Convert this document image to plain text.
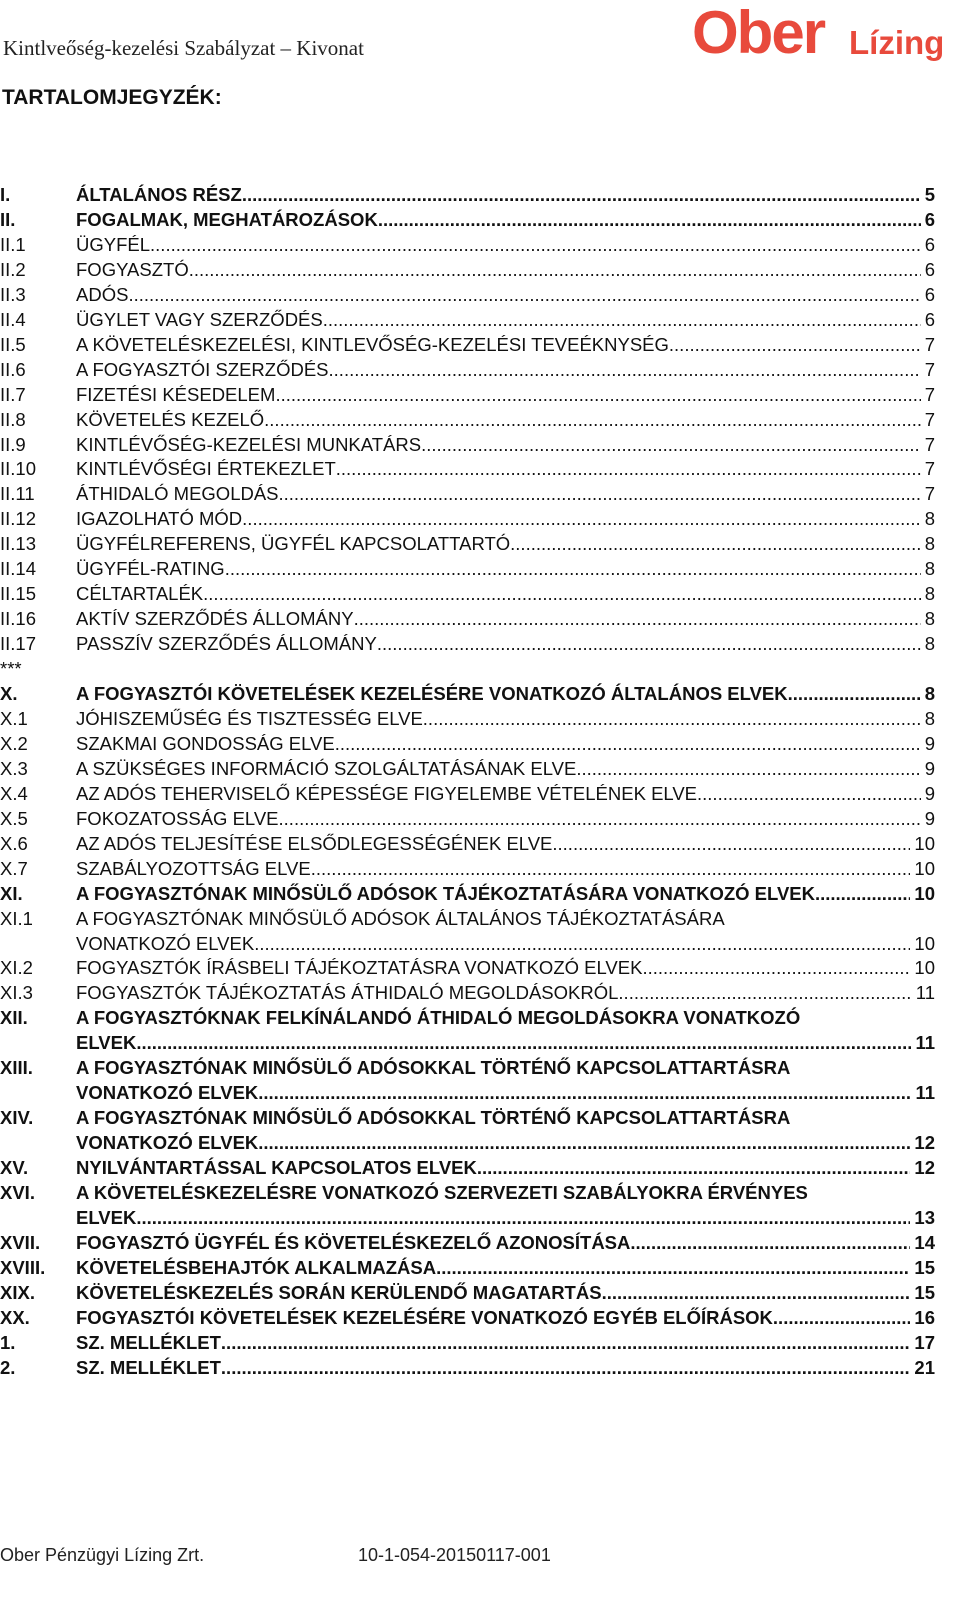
Kintlveőség-kezelési Szabályzat – Kivonat	Ober Lízing
TARTALOMJEGYZÉK:
I.	ÁLTALÁNOS RÉSZ .....	5
II.	FOGALMAK, MEGHATÁROZÁSOK .....	6
II.1	ÜGYFÉL .....	6
II.2	FOGYASZTÓ .....	6
II.3	ADÓS .....	6
II.4	ÜGYLET VAGY SZERZŐDÉS .....	6
II.5	A KÖVETELÉSKEZELÉSI, KINTLEVŐSÉG-KEZELÉSI TEVEÉKNYSÉG .....	7
II.6	A FOGYASZTÓI SZERZŐDÉS .....	7
II.7	FIZETÉSI KÉSEDELEM .....	7
II.8	KÖVETELÉS KEZELŐ .....	7
II.9	KINTLÉVŐSÉG-KEZELÉSI MUNKATÁRS .....	7
II.10 KINTLÉVŐSÉGI ÉRTEKEZLET .....	7
II.11 ÁTHIDALÓ MEGOLDÁS .....	7
II.12 IGAZOLHATÓ MÓD .....	8
II.13 ÜGYFÉLREFERENS, ÜGYFÉL KAPCSOLATTARTÓ .....	8
II.14 ÜGYFÉL-RATING .....	8
II.15 CÉLTARTALÉK .....	8
II.16 AKTÍV SZERZŐDÉS ÁLLOMÁNY .....	8
II.17 PASSZÍV SZERZŐDÉS ÁLLOMÁNY .....	8
***
X.	A FOGYASZTÓI KÖVETELÉSEK KEZELÉSÉRE VONATKOZÓ ÁLTALÁNOS ELVEK .....	8
X.1	JÓHISZEMŰSÉG ÉS TISZTESSÉG ELVE .....	8
X.2	SZAKMAI GONDOSSÁG ELVE .....	9
X.3	A SZÜKSÉGES INFORMÁCIÓ SZOLGÁLTATÁSÁNAK ELVE .....	9
X.4	AZ ADÓS TEHERVISELŐ KÉPESSÉGE FIGYELEMBE VÉTELÉNEK ELVE .....	9
X.5	FOKOZATOSSÁG ELVE .....	9
X.6	AZ ADÓS TELJESÍTÉSE ELSŐDLEGESSÉGÉNEK ELVE .....	10
X.7	SZABÁLYOZOTTSÁG ELVE .....	10
XI.	A FOGYASZTÓNAK MINŐSÜLŐ ADÓSOK TÁJÉKOZTATÁSÁRA VONATKOZÓ ELVEK .....	10
XI.1 A FOGYASZTÓNAK MINŐSÜLŐ ADÓSOK ÁLTALÁNOS TÁJÉKOZTATÁSÁRA
VONATKOZÓ ELVEK .....	10
XI.2 FOGYASZTÓK ÍRÁSBELI TÁJÉKOZTATÁSRA VONATKOZÓ ELVEK .....	10
XI.3 FOGYASZTÓK TÁJÉKOZTATÁS ÁTHIDALÓ MEGOLDÁSOKRÓL .....	11
XII.	A FOGYASZTÓKNAK FELKÍNÁLANDÓ ÁTHIDALÓ MEGOLDÁSOKRA VONATKOZÓ
ELVEK .....	11
XIII. A FOGYASZTÓNAK MINŐSÜLŐ ADÓSOKKAL TÖRTÉNŐ KAPCSOLATTARTÁSRA
VONATKOZÓ ELVEK .....	11
XIV. A FOGYASZTÓNAK MINŐSÜLŐ ADÓSOKKAL TÖRTÉNŐ KAPCSOLATTARTÁSRA
VONATKOZÓ ELVEK .....	12
XV.	NYILVÁNTARTÁSSAL KAPCSOLATOS ELVEK .....	12
XVI. A KÖVETELÉSKEZELÉSRE VONATKOZÓ SZERVEZETI SZABÁLYOKRA ÉRVÉNYES
ELVEK .....	13
XVII. FOGYASZTÓ ÜGYFÉL ÉS KÖVETELÉSKEZELŐ AZONOSÍTÁSA .....	14
XVIII. KÖVETELÉSBEHAJTÓK ALKALMAZÁSA .....	15
XIX. KÖVETELÉSKEZELÉS SORÁN KERÜLENDŐ MAGATARTÁS .....	15
XX. FOGYASZTÓI KÖVETELÉSEK KEZELÉSÉRE VONATKOZÓ EGYÉB ELŐÍRÁSOK .....	16
1.	SZ. MELLÉKLET .....	17
2.	SZ. MELLÉKLET .....	21
Ober Pénzügyi Lízing Zrt.	10-1-054-20150117-001
